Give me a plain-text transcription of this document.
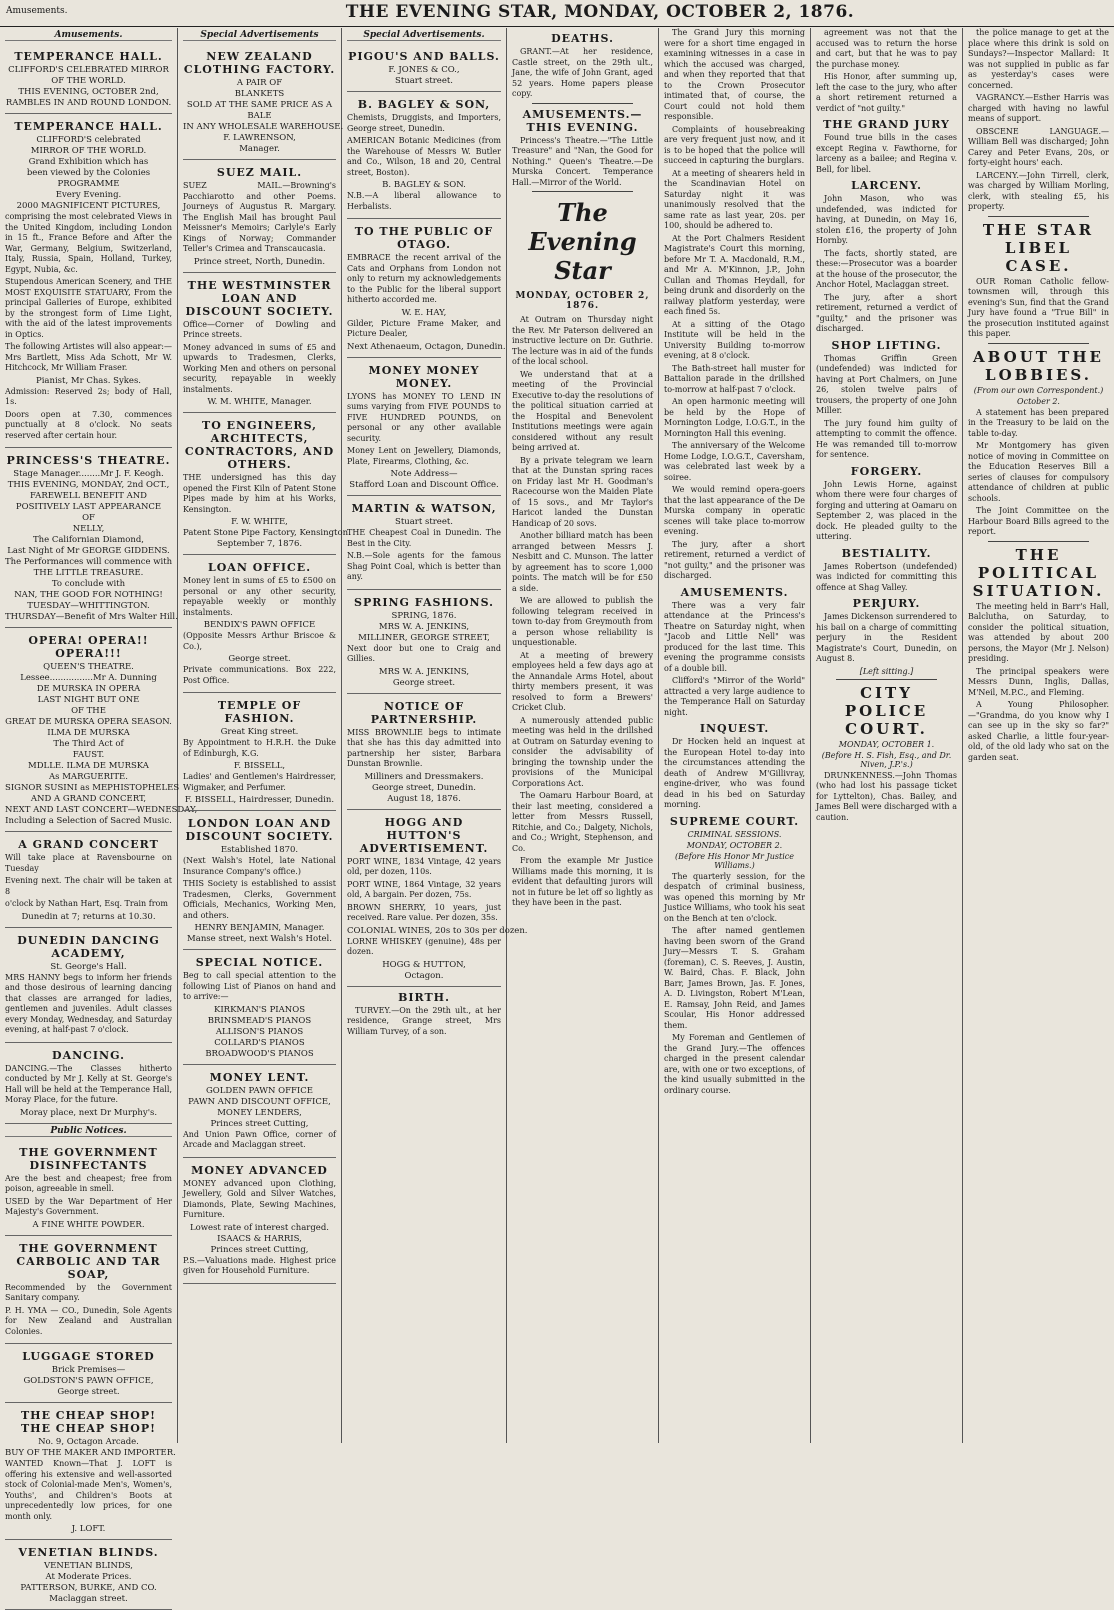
Amusements.	THE EVENING STAR, MONDAY, OCTOBER 2, 1876.
Amusements.
TEMPERANCE HALL.
CLIFFORD'S CELEBRATED MIRROR
OF THE WORLD.
THIS EVENING, OCTOBER 2nd,
RAMBLES IN AND ROUND LONDON.
TEMPERANCE HALL.
CLIFFORD'S celebrated
MIRROR OF THE WORLD.
Grand Exhibition which has
been viewed by the Colonies
PROGRAMME
Every Evening.
2000 MAGNIFICENT PICTURES,
comprising the most celebrated Views in the United Kingdom, including London in 15 ft., France Before and After the War, Germany, Belgium, Switzerland, Italy, Russia, Spain, Holland, Turkey, Egypt, Nubia, &c.
Stupendous American Scenery, and THE MOST EXQUISITE STATUARY, From the principal Galleries of Europe, exhibited by the strongest form of Lime Light, with the aid of the latest improvements in Optics.
The following Artistes will also appear:—Mrs Bartlett, Miss Ada Schott, Mr W. Hitchcock, Mr William Fraser.
Pianist, Mr Chas. Sykes.
Admission: Reserved 2s; body of Hall, 1s.
Doors open at 7.30, commences punctually at 8 o'clock. No seats reserved after certain hour.
PRINCESS'S THEATRE.
Stage Manager........Mr J. F. Keogh.
THIS EVENING, MONDAY, 2nd OCT.,
FAREWELL BENEFIT AND
POSITIVELY LAST APPEARANCE
OF
NELLY,
The Californian Diamond,
Last Night of Mr GEORGE GIDDENS.
The Performances will commence with
THE LITTLE TREASURE.
To conclude with
NAN, THE GOOD FOR NOTHING!
TUESDAY—WHITTINGTON.
THURSDAY—Benefit of Mrs Walter Hill.
OPERA! OPERA!! OPERA!!!
QUEEN'S THEATRE.
Lessee................Mr A. Dunning
DE MURSKA IN OPERA
LAST NIGHT BUT ONE
OF THE
GREAT DE MURSKA OPERA SEASON.
ILMA DE MURSKA
The Third Act of
FAUST.
MDLLE. ILMA DE MURSKA
As MARGUERITE.
SIGNOR SUSINI as MEPHISTOPHELES
AND A GRAND CONCERT,
NEXT AND LAST CONCERT—WEDNESDAY,
Including a Selection of Sacred Music.
A GRAND CONCERT
Will take place at Ravensbourne on Tuesday
Evening next. The chair will be taken at 8
o'clock by Nathan Hart, Esq. Train from
Dunedin at 7; returns at 10.30.
DUNEDIN DANCING ACADEMY,
St. George's Hall.
MRS HANNY begs to inform her friends and those desirous of learning dancing that classes are arranged for ladies, gentlemen and juveniles. Adult classes every Monday, Wednesday, and Saturday evening, at half-past 7 o'clock.
DANCING.
DANCING.—The Classes hitherto conducted by Mr J. Kelly at St. George's Hall will be held at the Temperance Hall, Moray Place, for the future.
Moray place, next Dr Murphy's.
Public Notices.
THE GOVERNMENT DISINFECTANTS
Are the best and cheapest; free from poison, agreeable in smell.
USED by the War Department of Her Majesty's Government.
A FINE WHITE POWDER.
THE GOVERNMENT CARBOLIC AND TAR SOAP,
Recommended by the Government Sanitary company.
P. H. YMA — CO., Dunedin, Sole Agents for New Zealand and Australian Colonies.
LUGGAGE STORED
Brick Premises—
GOLDSTON'S PAWN OFFICE,
George street.
THE CHEAP SHOP! THE CHEAP SHOP!
No. 9, Octagon Arcade.
BUY OF THE MAKER AND IMPORTER.
WANTED Known—That J. LOFT is offering his extensive and well-assorted stock of Colonial-made Men's, Women's, Youths', and Children's Boots at unprecedentedly low prices, for one month only.
J. LOFT.
VENETIAN BLINDS.
VENETIAN BLINDS,
At Moderate Prices.
PATTERSON, BURKE, AND CO.
Maclaggan street.
Special Advertisements
NEW ZEALAND CLOTHING FACTORY.
A PAIR OF
BLANKETS
SOLD AT THE SAME PRICE AS A
BALE
IN ANY WHOLESALE WAREHOUSE.
F. LAWRENSON,
Manager.
SUEZ MAIL.
SUEZ MAIL.—Browning's Pacchiarotto and other Poems. Journeys of Augustus R. Margary. The English Mail has brought Paul Meissner's Memoirs; Carlyle's Early Kings of Norway; Commander Teller's Crimea and Transcaucasia.
Prince street, North, Dunedin.
THE WESTMINSTER LOAN AND DISCOUNT SOCIETY.
Office—Corner of Dowling and Prince streets.
Money advanced in sums of £5 and upwards to Tradesmen, Clerks, Working Men and others on personal security, repayable in weekly instalments.
W. M. WHITE, Manager.
TO ENGINEERS, ARCHITECTS, CONTRACTORS, AND OTHERS.
THE undersigned has this day opened the First Kiln of Patent Stone Pipes made by him at his Works, Kensington.
F. W. WHITE,
Patent Stone Pipe Factory, Kensington.
September 7, 1876.
LOAN OFFICE.
Money lent in sums of £5 to £500 on personal or any other security, repayable weekly or monthly instalments.
BENDIX'S PAWN OFFICE
(Opposite Messrs Arthur Briscoe & Co.),
George street.
Private communications. Box 222, Post Office.
TEMPLE OF FASHION.
Great King street.
By Appointment to H.R.H. the Duke of Edinburgh, K.G.
F. BISSELL,
Ladies' and Gentlemen's Hairdresser, Wigmaker, and Perfumer.
F. BISSELL, Hairdresser, Dunedin.
LONDON LOAN AND DISCOUNT SOCIETY.
Established 1870.
(Next Walsh's Hotel, late National Insurance Company's office.)
THIS Society is established to assist Tradesmen, Clerks, Government Officials, Mechanics, Working Men, and others.
HENRY BENJAMIN, Manager.
Manse street, next Walsh's Hotel.
SPECIAL NOTICE.
Beg to call special attention to the following List of Pianos on hand and to arrive:—
KIRKMAN'S PIANOS
BRINSMEAD'S PIANOS
ALLISON'S PIANOS
COLLARD'S PIANOS
BROADWOOD'S PIANOS
MONEY LENT.
GOLDEN PAWN OFFICE
PAWN AND DISCOUNT OFFICE,
MONEY LENDERS,
Princes street Cutting,
And Union Pawn Office, corner of Arcade and Maclaggan street.
MONEY ADVANCED
MONEY advanced upon Clothing, Jewellery, Gold and Silver Watches, Diamonds, Plate, Sewing Machines, Furniture.
Lowest rate of interest charged.
ISAACS & HARRIS,
Princes street Cutting,
P.S.—Valuations made. Highest price given for Household Furniture.
Special Advertisements.
PIGOU'S AND BALLS.
F. JONES & CO.,
Stuart street.
B. BAGLEY & SON,
Chemists, Druggists, and Importers, George street, Dunedin.
AMERICAN Botanic Medicines (from the Warehouse of Messrs W. Butler and Co., Wilson, 18 and 20, Central street, Boston).
B. BAGLEY & SON.
N.B.—A liberal allowance to Herbalists.
TO THE PUBLIC OF OTAGO.
EMBRACE the recent arrival of the Cats and Orphans from London not only to return my acknowledgements to the Public for the liberal support hitherto accorded me.
W. E. HAY,
Gilder, Picture Frame Maker, and Picture Dealer,
Next Athenaeum, Octagon, Dunedin.
MONEY MONEY MONEY.
LYONS has MONEY TO LEND IN sums varying from FIVE POUNDS to FIVE HUNDRED POUNDS, on personal or any other available security.
Money Lent on Jewellery, Diamonds, Plate, Firearms, Clothing, &c.
Note Address—
Stafford Loan and Discount Office.
MARTIN & WATSON,
Stuart street.
THE Cheapest Coal in Dunedin. The Best in the City.
N.B.—Sole agents for the famous Shag Point Coal, which is better than any.
SPRING FASHIONS.
SPRING, 1876.
MRS W. A. JENKINS,
MILLINER, GEORGE STREET,
Next door but one to Craig and Gillies.
MRS W. A. JENKINS,
George street.
NOTICE OF PARTNERSHIP.
MISS BROWNLIE begs to intimate that she has this day admitted into partnership her sister, Barbara Dunstan Brownlie.
Milliners and Dressmakers.
George street, Dunedin.
August 18, 1876.
HOGG AND HUTTON'S ADVERTISEMENT.
PORT WINE, 1834 Vintage, 42 years old, per dozen, 110s.
PORT WINE, 1864 Vintage, 32 years old, A bargain. Per dozen, 75s.
BROWN SHERRY, 10 years, just received. Rare value. Per dozen, 35s.
COLONIAL WINES, 20s to 30s per dozen.
LORNE WHISKEY (genuine), 48s per dozen.
HOGG & HUTTON,
Octagon.
BIRTH.

TURVEY.—On the 29th ult., at her residence, Grange street, Mrs William Turvey, of a son.

DEATHS.

GRANT.—At her residence, Castle street, on the 29th ult., Jane, the wife of John Grant, aged 52 years. Home papers please copy.

AMUSEMENTS.—THIS EVENING.

Princess's Theatre.—"The Little Treasure" and "Nan, the Good for Nothing." Queen's Theatre.—De Murska Concert. Temperance Hall.—Mirror of the World.

The Evening Star
MONDAY, OCTOBER 2, 1876.

At Outram on Thursday night the Rev. Mr Paterson delivered an instructive lecture on Dr. Guthrie. The lecture was in aid of the funds of the local school.

We understand that at a meeting of the Provincial Executive to-day the resolutions of the political situation carried at the Hospital and Benevolent Institutions meetings were again considered without any result being arrived at.

By a private telegram we learn that at the Dunstan spring races on Friday last Mr H. Goodman's Racecourse won the Maiden Plate of 15 sovs., and Mr Taylor's Haricot landed the Dunstan Handicap of 20 sovs.

Another billiard match has been arranged between Messrs J. Nesbitt and C. Munson. The latter by agreement has to score 1,000 points. The match will be for £50 a side.

We are allowed to publish the following telegram received in town to-day from Greymouth from a person whose reliability is unquestionable.

At a meeting of brewery employees held a few days ago at the Annandale Arms Hotel, about thirty members present, it was resolved to form a Brewers' Cricket Club.

A numerously attended public meeting was held in the drillshed at Outram on Saturday evening to consider the advisability of bringing the township under the provisions of the Municipal Corporations Act.

The Oamaru Harbour Board, at their last meeting, considered a letter from Messrs Russell, Ritchie, and Co.; Dalgety, Nichols, and Co.; Wright, Stephenson, and Co.

From the example Mr Justice Williams made this morning, it is evident that defaulting jurors will not in future be let off so lightly as they have been in the past.

The Grand Jury this morning were for a short time engaged in examining witnesses in a case in which the accused was charged, and when they reported that that to the Crown Prosecutor intimated that, of course, the Court could not hold them responsible.

Complaints of housebreaking are very frequent just now, and it is to be hoped that the police will succeed in capturing the burglars.

At a meeting of shearers held in the Scandinavian Hotel on Saturday night it was unanimously resolved that the same rate as last year, 20s. per 100, should be adhered to.

At the Port Chalmers Resident Magistrate's Court this morning, before Mr T. A. Macdonald, R.M., and Mr A. M'Kinnon, J.P., John Cullan and Thomas Heydall, for being drunk and disorderly on the railway platform yesterday, were each fined 5s.

At a sitting of the Otago Institute will be held in the University Building to-morrow evening, at 8 o'clock.

The Bath-street hall muster for Battalion parade in the drillshed to-morrow at half-past 7 o'clock.

An open harmonic meeting will be held by the Hope of Mornington Lodge, I.O.G.T., in the Mornington Hall this evening.

The anniversary of the Welcome Home Lodge, I.O.G.T., Caversham, was celebrated last week by a soiree.

We would remind opera-goers that the last appearance of the De Murska company in operatic scenes will take place to-morrow evening.

The jury, after a short retirement, returned a verdict of "not guilty," and the prisoner was discharged.

AMUSEMENTS.

There was a very fair attendance at the Princess's Theatre on Saturday night, when "Jacob and Little Nell" was produced for the last time. This evening the programme consists of a double bill.

Clifford's "Mirror of the World" attracted a very large audience to the Temperance Hall on Saturday night.

INQUEST.

Dr Hocken held an inquest at the European Hotel to-day into the circumstances attending the death of Andrew M'Gillivray, engine-driver, who was found dead in his bed on Saturday morning.

SUPREME COURT.
CRIMINAL SESSIONS.
MONDAY, OCTOBER 2.
(Before His Honor Mr Justice Williams.)

The quarterly session, for the despatch of criminal business, was opened this morning by Mr Justice Williams, who took his seat on the Bench at ten o'clock.

The after named gentlemen having been sworn of the Grand Jury—Messrs T. S. Graham (foreman), C. S. Reeves, J. Austin, W. Baird, Chas. F. Black, John Barr, James Brown, Jas. F. Jones, A. D. Livingston, Robert M'Lean, E. Ramsay, John Reid, and James Scoular, His Honor addressed them.

My Foreman and Gentlemen of the Grand Jury.—The offences charged in the present calendar are, with one or two exceptions, of the kind usually submitted in the ordinary course.

agreement was not that the accused was to return the horse and cart, but that he was to pay the purchase money.

His Honor, after summing up, left the case to the jury, who after a short retirement returned a verdict of "not guilty."

THE GRAND JURY

Found true bills in the cases except Regina v. Fawthorne, for larceny as a bailee; and Regina v. Bell, for libel.

LARCENY.

John Mason, who was undefended, was indicted for having, at Dunedin, on May 16, stolen £16, the property of John Hornby.

The facts, shortly stated, are these:—Prosecutor was a boarder at the house of the prosecutor, the Anchor Hotel, Maclaggan street.

The jury, after a short retirement, returned a verdict of "guilty," and the prisoner was discharged.

SHOP LIFTING.

Thomas Griffin Green (undefended) was indicted for having at Port Chalmers, on June 26, stolen twelve pairs of trousers, the property of one John Miller.

The jury found him guilty of attempting to commit the offence. He was remanded till to-morrow for sentence.

FORGERY.

John Lewis Horne, against whom there were four charges of forging and uttering at Oamaru on September 2, was placed in the dock. He pleaded guilty to the uttering.

BESTIALITY.

James Robertson (undefended) was indicted for committing this offence at Shag Valley.

PERJURY.

James Dickenson surrendered to his bail on a charge of committing perjury in the Resident Magistrate's Court, Dunedin, on August 8.

[Left sitting.]
CITY POLICE COURT.
MONDAY, OCTOBER 1.
(Before H. S. Fish, Esq., and Dr. Niven, J.P.'s.)

DRUNKENNESS.—John Thomas (who had lost his passage ticket for Lyttelton), Chas. Bailey, and James Bell were discharged with a caution.

the police manage to get at the place where this drink is sold on Sundays?—Inspector Mallard: It was not supplied in public as far as yesterday's cases were concerned.

VAGRANCY.—Esther Harris was charged with having no lawful means of support.

OBSCENE LANGUAGE.—William Bell was discharged; John Carey and Peter Evans, 20s, or forty-eight hours' each.

LARCENY.—John Tirrell, clerk, was charged by William Morling, clerk, with stealing £5, his property.

THE STAR LIBEL CASE.

OUR Roman Catholic fellow-townsmen will, through this evening's Sun, find that the Grand Jury have found a "True Bill" in the prosecution instituted against this paper.

ABOUT THE LOBBIES.
(From our own Correspondent.)
October 2.

A statement has been prepared in the Treasury to be laid on the table to-day.

Mr Montgomery has given notice of moving in Committee on the Education Reserves Bill a series of clauses for compulsory attendance of children at public schools.

The Joint Committee on the Harbour Board Bills agreed to the report.

THE POLITICAL SITUATION.

The meeting held in Barr's Hall, Balclutha, on Saturday, to consider the political situation, was attended by about 200 persons, the Mayor (Mr J. Nelson) presiding.

The principal speakers were Messrs Dunn, Inglis, Dallas, M'Neil, M.P.C., and Fleming.

A Young Philosopher.—"Grandma, do you know why I can see up in the sky so far?" asked Charlie, a little four-year-old, of the old lady who sat on the garden seat.
